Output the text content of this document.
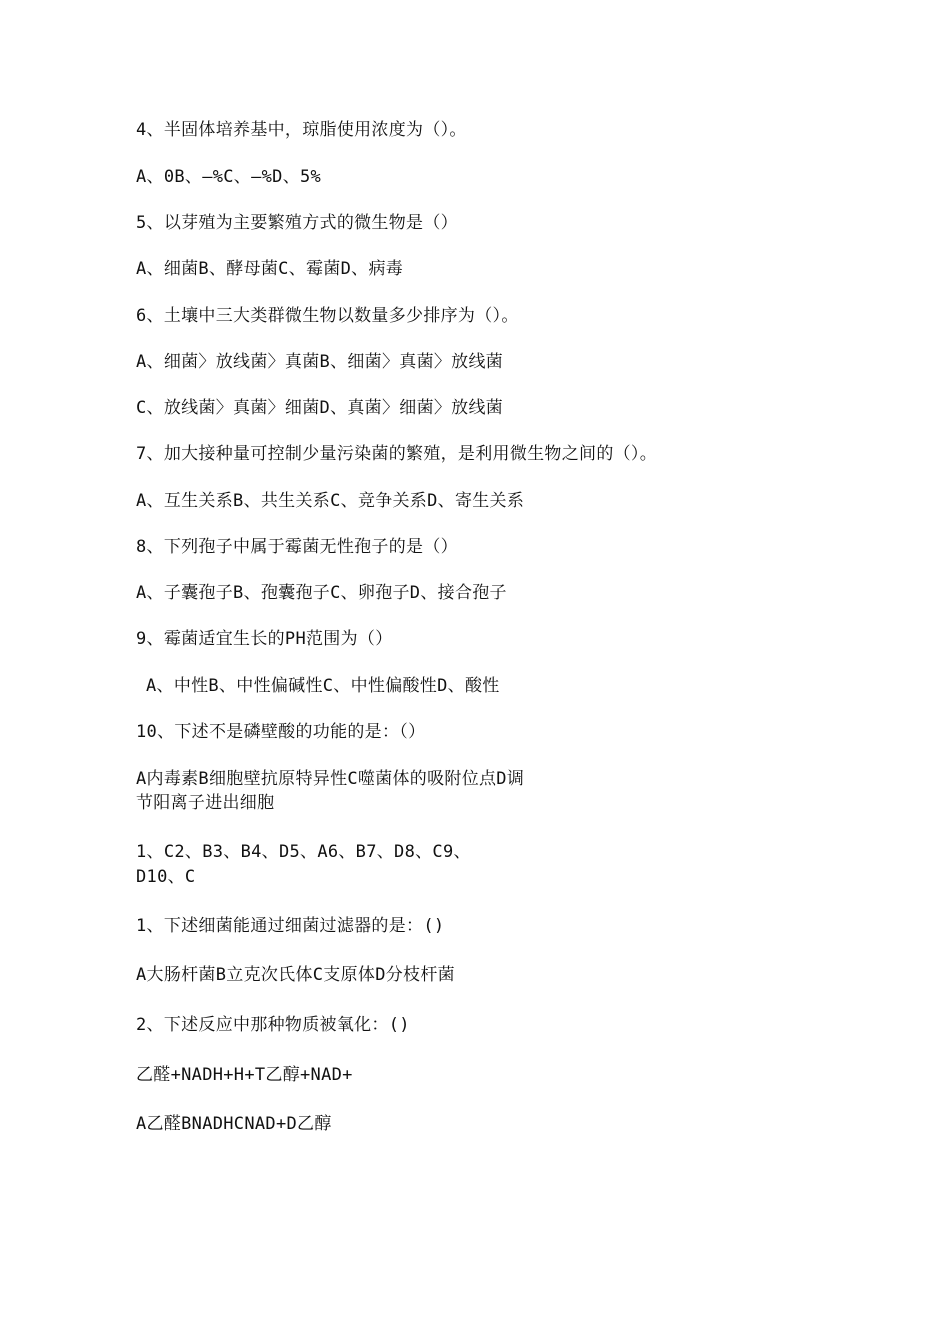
4、半固体培养基中，琼脂使用浓度为（）。
A、0B、—%C、—%D、5%
5、以芽殖为主要繁殖方式的微生物是（）
A、细菌B、酵母菌C、霉菌D、病毒
6、土壤中三大类群微生物以数量多少排序为（）。
A、细菌〉放线菌〉真菌B、细菌〉真菌〉放线菌
C、放线菌〉真菌〉细菌D、真菌〉细菌〉放线菌
7、加大接种量可控制少量污染菌的繁殖，是利用微生物之间的（）。
A、互生关系B、共生关系C、竞争关系D、寄生关系
8、下列孢子中属于霉菌无性孢子的是（）
A、子囊孢子B、孢囊孢子C、卵孢子D、接合孢子
9、霉菌适宜生长的PH范围为（）
A、中性B、中性偏碱性C、中性偏酸性D、酸性
10、下述不是磷壁酸的功能的是：（）
A内毒素B细胞壁抗原特异性C噬菌体的吸附位点D调
节阳离子进出细胞
1、C2、B3、B4、D5、A6、B7、D8、C9、
D10、C
1、下述细菌能通过细菌过滤器的是：()
A大肠杆菌B立克次氏体C支原体D分枝杆菌
2、下述反应中那种物质被氧化：()
乙醛+NADH+H+T乙醇+NAD+
A乙醛BNADHCNAD+D乙醇
